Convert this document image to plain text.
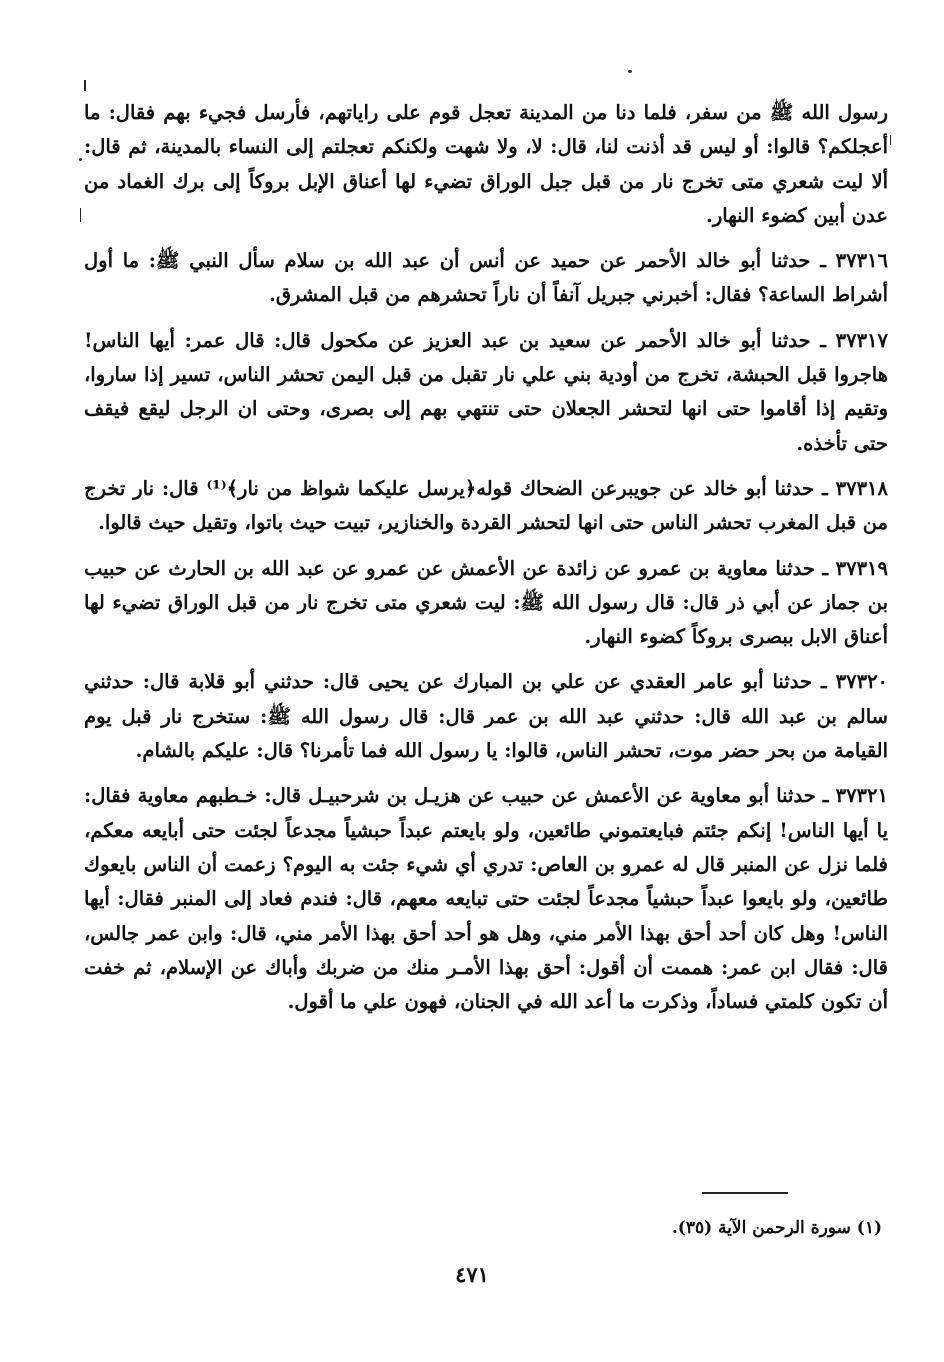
رسول الله ﷺ من سفر، فلما دنا من المدينة تعجل قوم على راياتهم، فأرسل فجيء بهم فقال: ما أعجلكم؟ قالوا: أو ليس قد أذنت لنا، قال: لا، ولا شهت ولكنكم تعجلتم إلى النساء بالمدينة، ثم قال: ألا ليت شعري متى تخرج نار من قبل جبل الوراق تضيء لها أعناق الإبل بروكاً إلى برك الغماد من عدن أبين كضوء النهار.

٣٧٣١٦ ـ حدثنا أبو خالد الأحمر عن حميد عن أنس أن عبد الله بن سلام سأل النبي ﷺ: ما أول أشراط الساعة؟ فقال: أخبرني جبريل آنفاً أن ناراً تحشرهم من قبل المشرق.

٣٧٣١٧ ـ حدثنا أبو خالد الأحمر عن سعيد بن عبد العزيز عن مكحول قال: قال عمر: أيها الناس! هاجروا قبل الحبشة، تخرج من أودية بني علي نار تقبل من قبل اليمن تحشر الناس، تسير إذا ساروا، وتقيم إذا أقاموا حتى انها لتحشر الجعلان حتى تنتهي بهم إلى بصرى، وحتى ان الرجل ليقع فيقف حتى تأخذه.

٣٧٣١٨ ـ حدثنا أبو خالد عن جويبرعن الضحاك قوله﴿يرسل عليكما شواظ من نار﴾⁽¹⁾ قال: نار تخرج من قبل المغرب تحشر الناس حتى انها لتحشر القردة والخنازير، تبيت حيث باتوا، وتقيل حيث قالوا.

٣٧٣١٩ ـ حدثنا معاوية بن عمرو عن زائدة عن الأعمش عن عمرو عن عبد الله بن الحارث عن حبيب بن جماز عن أبي ذر قال: قال رسول الله ﷺ: ليت شعري متى تخرج نار من قبل الوراق تضيء لها أعناق الابل ببصرى بروكاً كضوء النهار.

٣٧٣٢٠ ـ حدثنا أبو عامر العقدي عن علي بن المبارك عن يحيى قال: حدثني أبو قلابة قال: حدثني سالم بن عبد الله قال: حدثني عبد الله بن عمر قال: قال رسول الله ﷺ: ستخرج نار قبل يوم القيامة من بحر حضر موت، تحشر الناس، قالوا: يا رسول الله فما تأمرنا؟ قال: عليكم بالشام.

٣٧٣٢١ ـ حدثنا أبو معاوية عن الأعمش عن حبيب عن هزيـل بن شرحبيـل قال: خـطبهم معاوية فقال: يا أيها الناس! إنكم جئتم فبايعتموني طائعين، ولو بايعتم عبداً حبشياً مجدعاً لجئت حتى أبايعه معكم، فلما نزل عن المنبر قال له عمرو بن العاص: تدري أي شيء جئت به اليوم؟ زعمت أن الناس بايعوك طائعين، ولو بايعوا عبداً حبشياً مجدعاً لجئت حتى تبايعه معهم، قال: فندم فعاد إلى المنبر فقال: أيها الناس! وهل كان أحد أحق بهذا الأمر مني، وهل هو أحد أحق بهذا الأمر مني، قال: وابن عمر جالس، قال: فقال ابن عمر: هممت أن أقول: أحق بهذا الأمـر منك من ضربك وأباك عن الإسلام، ثم خفت أن تكون كلمتي فساداً، وذكرت ما أعد الله في الجنان، فهون علي ما أقول.

(١) سورة الرحمن الآية (٣٥).
٤٧١
